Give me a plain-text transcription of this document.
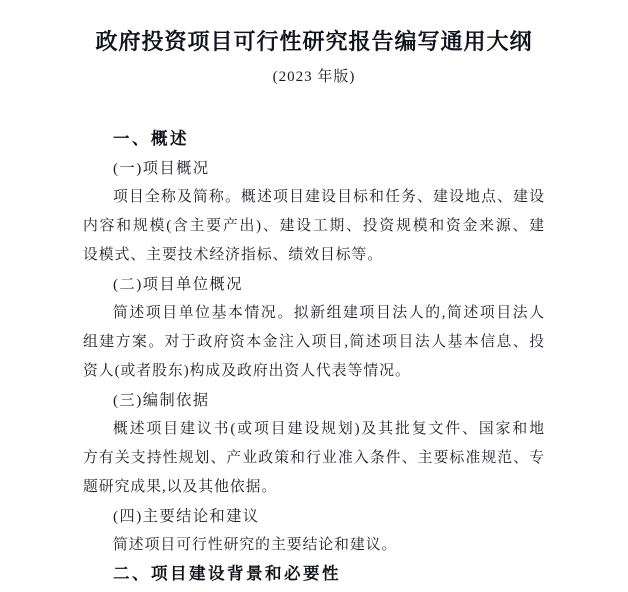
政府投资项目可行性研究报告编写通用大纲
(2023 年版)
一、概述
(一)项目概况
项目全称及简称。概述项目建设目标和任务、建设地点、建设
内容和规模(含主要产出)、建设工期、投资规模和资金来源、建
设模式、主要技术经济指标、绩效目标等。
(二)项目单位概况
简述项目单位基本情况。拟新组建项目法人的,简述项目法人
组建方案。对于政府资本金注入项目,简述项目法人基本信息、投
资人(或者股东)构成及政府出资人代表等情况。
(三)编制依据
概述项目建议书(或项目建设规划)及其批复文件、国家和地
方有关支持性规划、产业政策和行业准入条件、主要标准规范、专
题研究成果,以及其他依据。
(四)主要结论和建议
简述项目可行性研究的主要结论和建议。
二、项目建设背景和必要性
